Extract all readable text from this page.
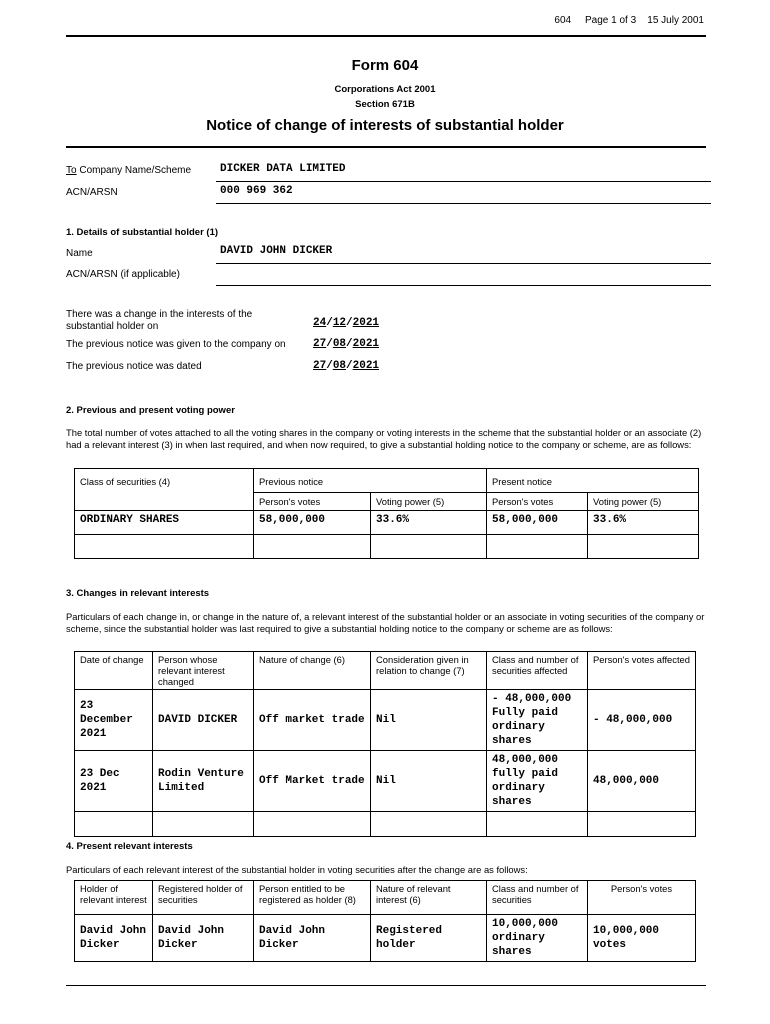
604 Page 1 of 3 15 July 2001
Form 604
Corporations Act 2001
Section 671B
Notice of change of interests of substantial holder
To Company Name/Scheme	DICKER DATA LIMITED
ACN/ARSN	000 969 362
1. Details of substantial holder (1)
Name	DAVID JOHN DICKER
ACN/ARSN (if applicable)
There was a change in the interests of the
substantial holder on	24/12/2021
The previous notice was given to the company on 27/08/2021
The previous notice was dated	27/08/2021
2. Previous and present voting power
The total number of votes attached to all the voting shares in the company or voting interests in the scheme that the substantial holder or an associate (2) had a relevant interest (3) in when last required, and when now required, to give a substantial holding notice to the company or scheme, are as follows:
Class of securities (4)	Previous notice		Present notice	
	Person's votes	Voting power (5)	Person's votes	Voting power (5)
ORDINARY SHARES	58,000,000	33.6%	58,000,000	33.6%

3. Changes in relevant interests
Particulars of each change in, or change in the nature of, a relevant interest of the substantial holder or an associate in voting securities of the company or scheme, since the substantial holder was last required to give a substantial holding notice to the company or scheme are as follows:
Date of change	Person whose relevant interest changed	Nature of change (6)	Consideration given in relation to change (7)	Class and number of securities affected	Person's votes affected
23 December 2021	DAVID DICKER	Off market trade	Nil	- 48,000,000 Fully paid ordinary shares	- 48,000,000
23 Dec 2021	Rodin Venture Limited	Off Market trade	Nil	48,000,000 fully paid ordinary shares	48,000,000

4. Present relevant interests
Particulars of each relevant interest of the substantial holder in voting securities after the change are as follows:
Holder of relevant interest	Registered holder of securities	Person entitled to be registered as holder (8)	Nature of relevant interest (6)	Class and number of securities	Person's votes
David John Dicker	David John Dicker	David John Dicker	Registered holder	10,000,000 ordinary shares	10,000,000 votes
